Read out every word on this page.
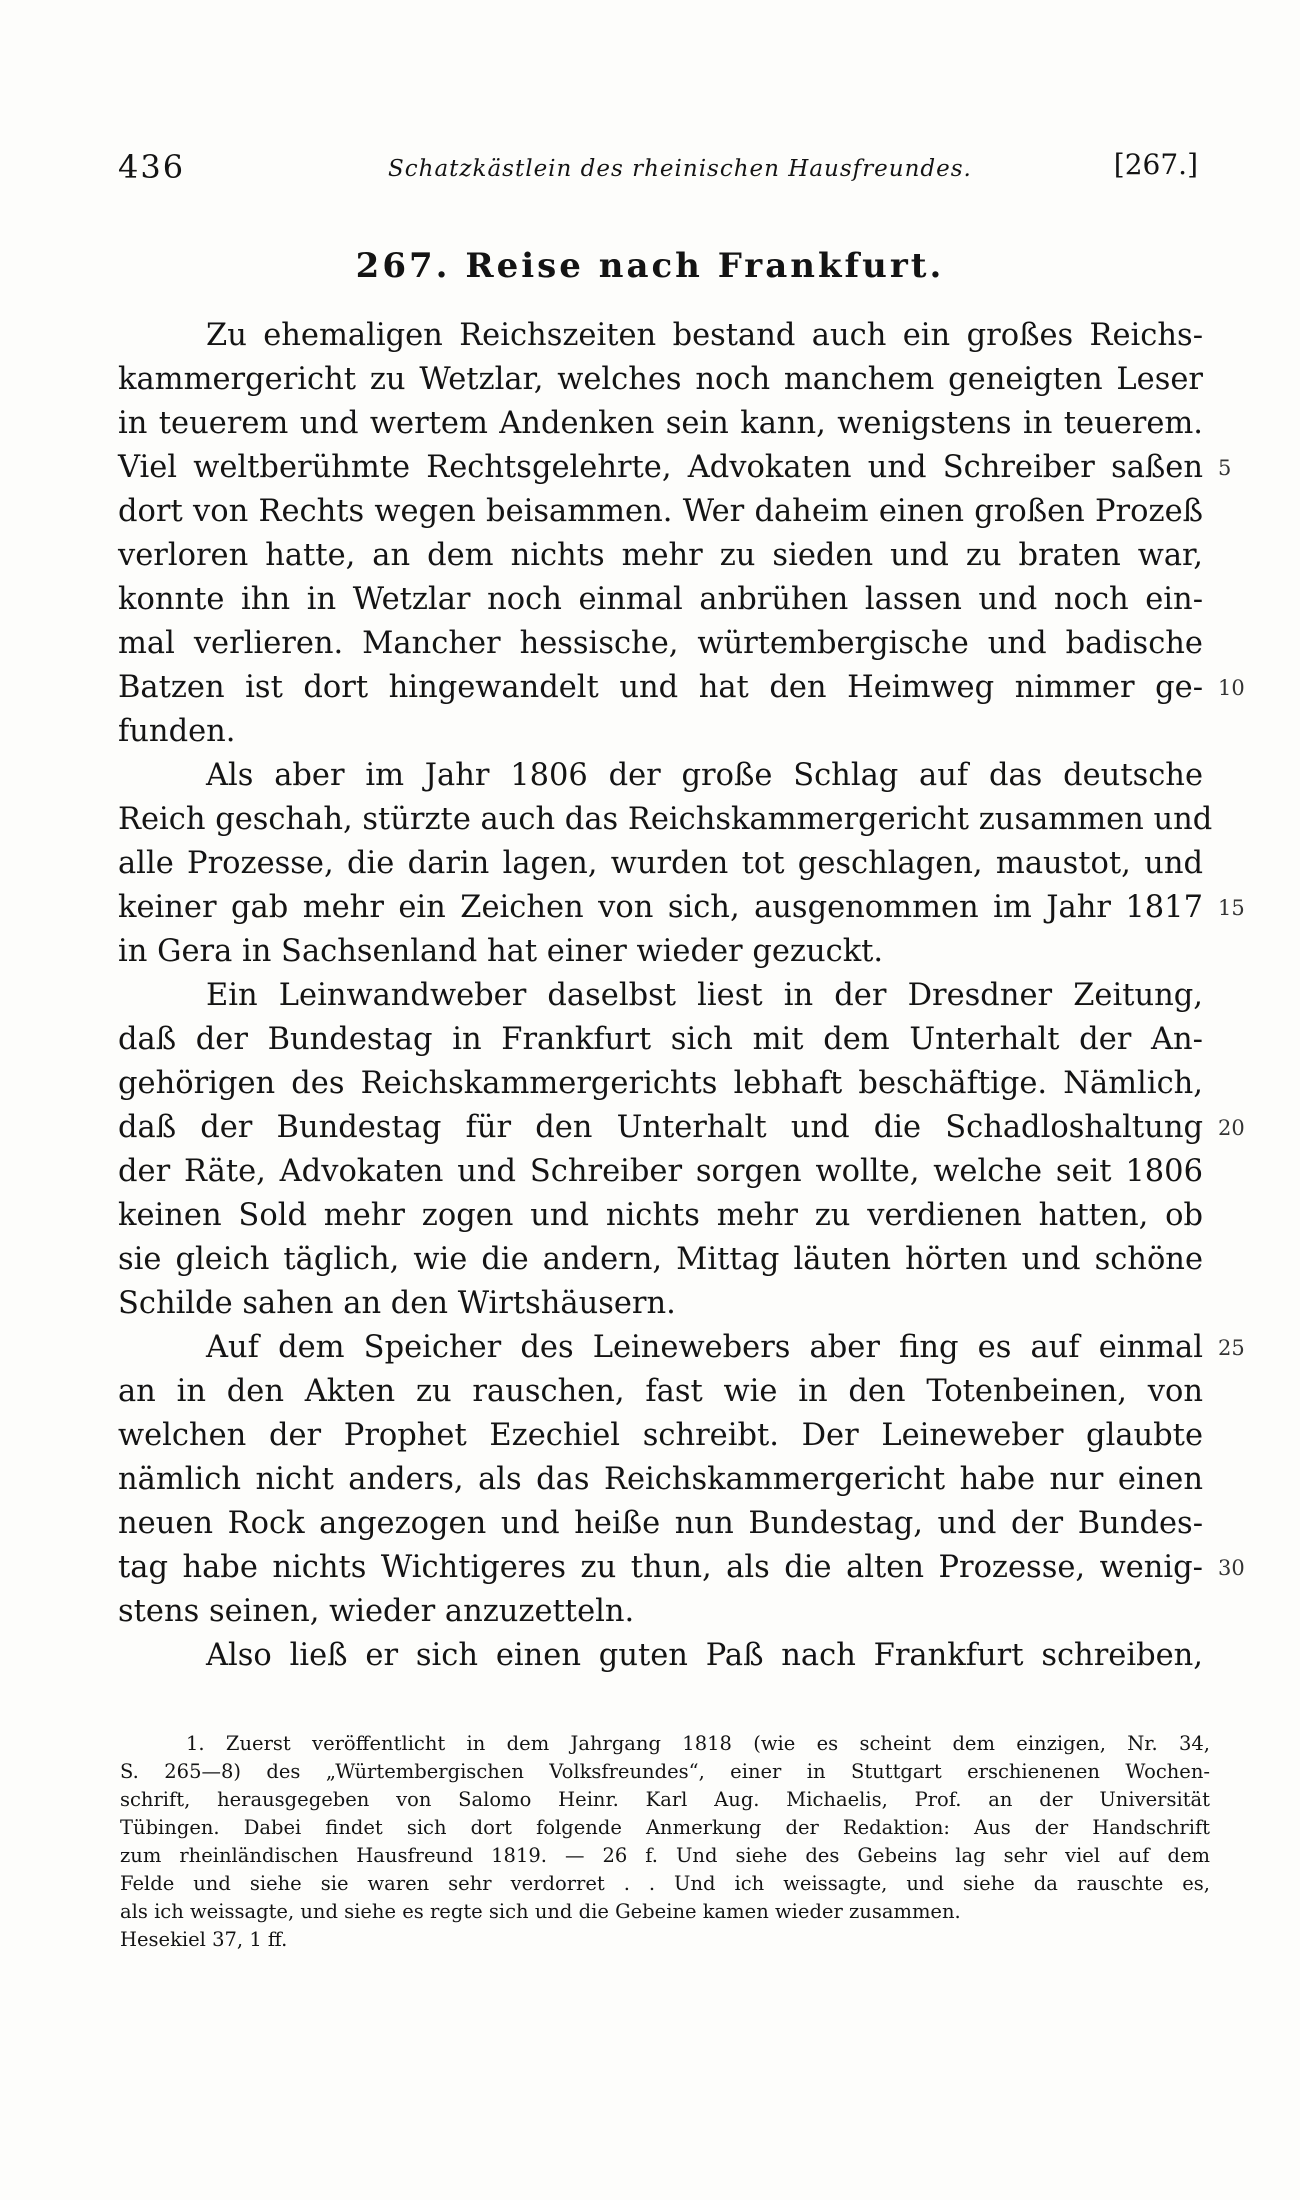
436	Schatzkästlein des rheinischen Hausfreundes.	[267.]
267. Reise nach Frankfurt.
Zu ehemaligen Reichszeiten bestand auch ein großes Reichs-
kammergericht zu Wetzlar, welches noch manchem geneigten Leser
in teuerem und wertem Andenken sein kann, wenigstens in teuerem.
Viel weltberühmte Rechtsgelehrte, Advokaten und Schreiber saßen 5
dort von Rechts wegen beisammen. Wer daheim einen großen Prozeß
verloren hatte, an dem nichts mehr zu sieden und zu braten war,
konnte ihn in Wetzlar noch einmal anbrühen lassen und noch ein-
mal verlieren. Mancher hessische, würtembergische und badische
Batzen ist dort hingewandelt und hat den Heimweg nimmer ge- 10
funden.
Als aber im Jahr 1806 der große Schlag auf das deutsche
Reich geschah, stürzte auch das Reichskammergericht zusammen und
alle Prozesse, die darin lagen, wurden tot geschlagen, maustot, und
keiner gab mehr ein Zeichen von sich, ausgenommen im Jahr 1817 15
in Gera in Sachsenland hat einer wieder gezuckt.
Ein Leinwandweber daselbst liest in der Dresdner Zeitung,
daß der Bundestag in Frankfurt sich mit dem Unterhalt der An-
gehörigen des Reichskammergerichts lebhaft beschäftige. Nämlich,
daß der Bundestag für den Unterhalt und die Schadloshaltung 20
der Räte, Advokaten und Schreiber sorgen wollte, welche seit 1806
keinen Sold mehr zogen und nichts mehr zu verdienen hatten, ob
sie gleich täglich, wie die andern, Mittag läuten hörten und schöne
Schilde sahen an den Wirtshäusern.
Auf dem Speicher des Leinewebers aber fing es auf einmal 25
an in den Akten zu rauschen, fast wie in den Totenbeinen, von
welchen der Prophet Ezechiel schreibt. Der Leineweber glaubte
nämlich nicht anders, als das Reichskammergericht habe nur einen
neuen Rock angezogen und heiße nun Bundestag, und der Bundes-
tag habe nichts Wichtigeres zu thun, als die alten Prozesse, wenig- 30
stens seinen, wieder anzuzetteln.
Also ließ er sich einen guten Paß nach Frankfurt schreiben,
1. Zuerst veröffentlicht in dem Jahrgang 1818 (wie es scheint dem einzigen, Nr. 34,
S. 265—8) des „Würtembergischen Volksfreundes“, einer in Stuttgart erschienenen Wochen-
schrift, herausgegeben von Salomo Heinr. Karl Aug. Michaelis, Prof. an der Universität
Tübingen. Dabei findet sich dort folgende Anmerkung der Redaktion: Aus der Handschrift
zum rheinländischen Hausfreund 1819. — 26 f. Und siehe des Gebeins lag sehr viel auf dem
Felde und siehe sie waren sehr verdorret . . Und ich weissagte, und siehe da rauschte es,
als ich weissagte, und siehe es regte sich und die Gebeine kamen wieder zusammen.
Hesekiel 37, 1 ff.
